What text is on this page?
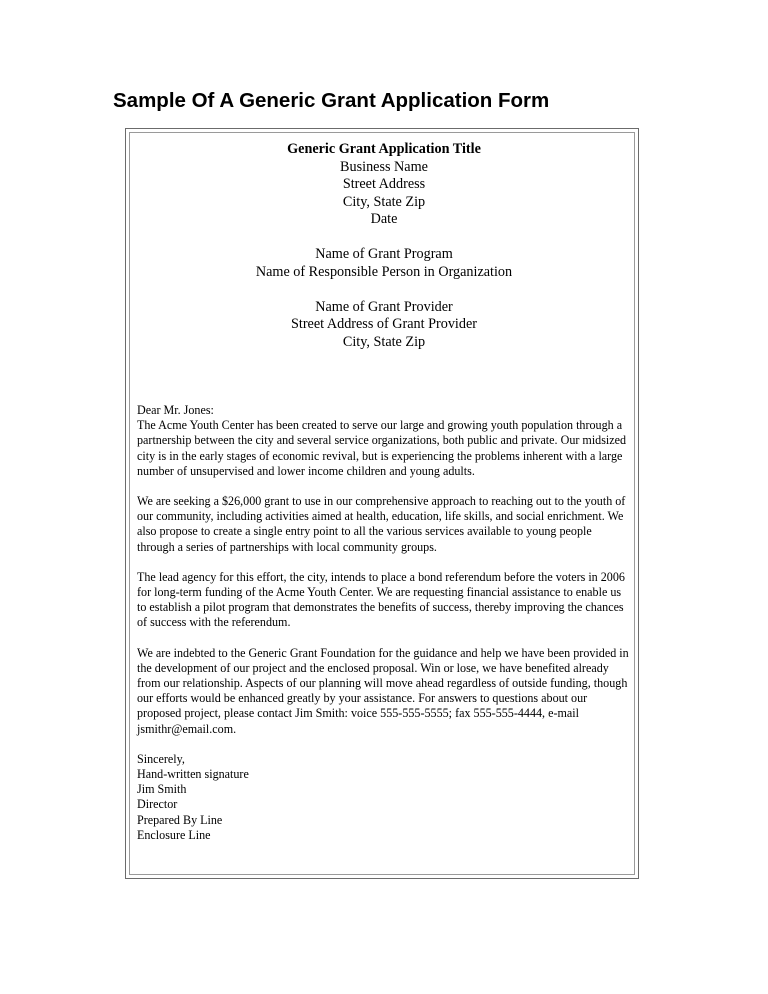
Sample Of A Generic Grant Application Form
Generic Grant Application Title
Business Name
Street Address
City, State Zip
Date
Name of Grant Program
Name of Responsible Person in Organization
Name of Grant Provider
Street Address of Grant Provider
City, State Zip
Dear Mr. Jones:
The Acme Youth Center has been created to serve our large and growing youth population through a partnership between the city and several service organizations, both public and private. Our midsized city is in the early stages of economic revival, but is experiencing the problems inherent with a large number of unsupervised and lower income children and young adults.
We are seeking a $26,000 grant to use in our comprehensive approach to reaching out to the youth of our community, including activities aimed at health, education, life skills, and social enrichment. We also propose to create a single entry point to all the various services available to young people through a series of partnerships with local community groups.
The lead agency for this effort, the city, intends to place a bond referendum before the voters in 2006 for long-term funding of the Acme Youth Center. We are requesting financial assistance to enable us to establish a pilot program that demonstrates the benefits of success, thereby improving the chances of success with the referendum.
We are indebted to the Generic Grant Foundation for the guidance and help we have been provided in the development of our project and the enclosed proposal. Win or lose, we have benefited already from our relationship. Aspects of our planning will move ahead regardless of outside funding, though our efforts would be enhanced greatly by your assistance. For answers to questions about our proposed project, please contact Jim Smith: voice 555-555-5555; fax 555-555-4444, e-mail jsmithr@email.com.
Sincerely,
Hand-written signature
Jim Smith
Director
Prepared By Line
Enclosure Line
